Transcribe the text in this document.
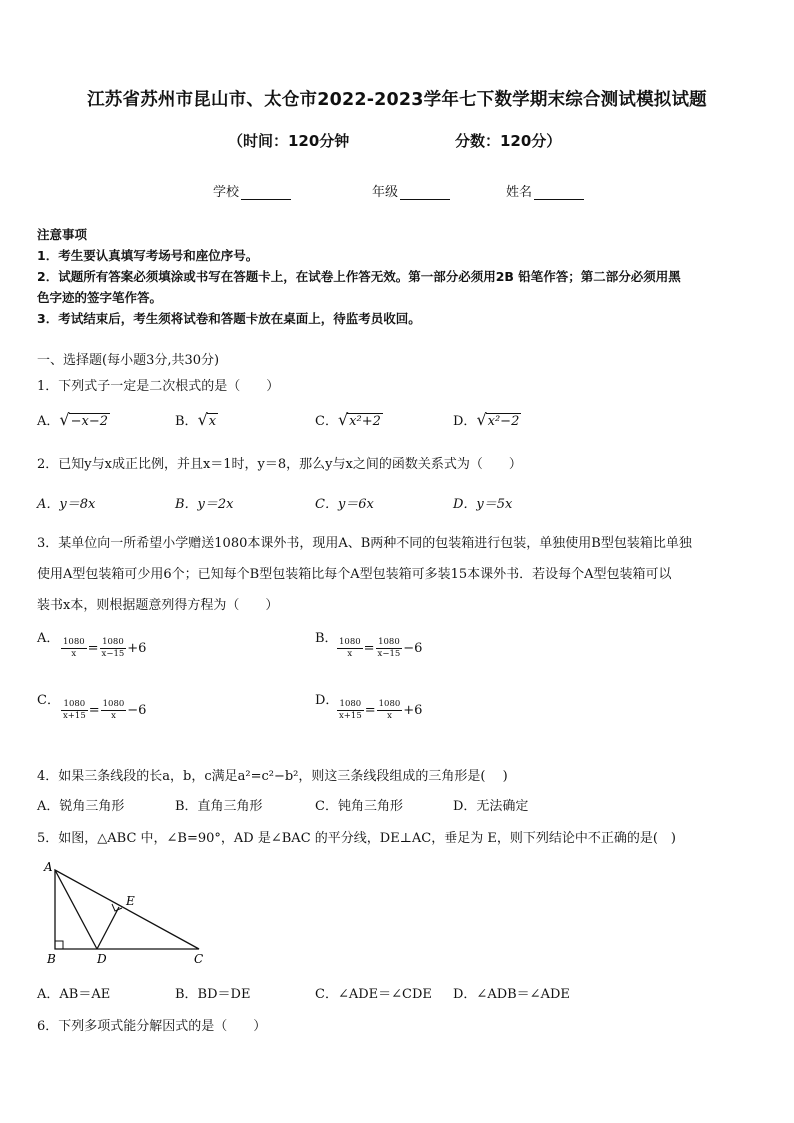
江苏省苏州市昆山市、太仓市2022-2023学年七下数学期末综合测试模拟试题
（时间：120分钟	分数：120分）
学校	年级	姓名
注意事项
1．考生要认真填写考场号和座位序号。
2．试题所有答案必须填涂或书写在答题卡上，在试卷上作答无效。第一部分必须用2B 铅笔作答；第二部分必须用黑
色字迹的签字笔作答。
3．考试结束后，考生须将试卷和答题卡放在桌面上，待监考员收回。
一、选择题(每小题3分,共30分)
1．下列式子一定是二次根式的是（　　）
A．√−x−2	B．√x	C．√x²+2	D．√x²−2
2．已知y与x成正比例，并且x＝1时，y＝8，那么y与x之间的函数关系式为（　　）
A．y＝8x	B．y＝2x	C．y＝6x	D．y＝5x
3．某单位向一所希望小学赠送1080本课外书，现用A、B两种不同的包装箱进行包装，单独使用B型包装箱比单独
使用A型包装箱可少用6个；已知每个B型包装箱比每个A型包装箱可多装15本课外书．若设每个A型包装箱可以
装书x本，则根据题意列得方程为（　　）
A． $\frac{1080}{x} = \frac{1080}{x-15} +6$
B． $\frac{1080}{x} = \frac{1080}{x-15} -6$
C． $\frac{1080}{x+15} = \frac{1080}{x} -6$
D．
$\frac{1080}{x+15} = \frac{1080}{x} +6$
4．如果三条线段的长a，b，c满足a²=c²−b²，则这三条线段组成的三角形是(　 )
A．锐角三角形	B．直角三角形	C．钝角三角形	D．无法确定
5．如图，△ABC 中，∠B=90°，AD 是∠BAC 的平分线，DE⊥AC，垂足为 E，则下列结论中不正确的是(　)
A
B	D	C
E
A．AB＝AE	B．BD＝DE	C．∠ADE＝∠CDE D．∠ADB＝∠ADE
6．下列多项式能分解因式的是（　　）
